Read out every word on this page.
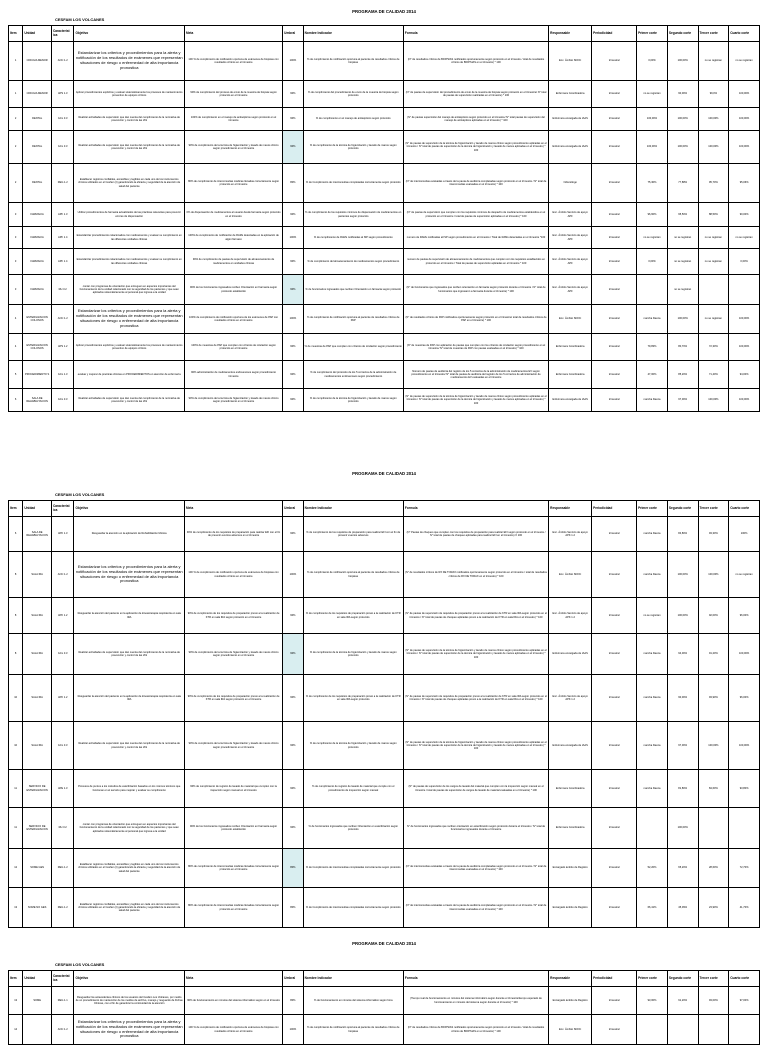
PROGRAMA DE CALIDAD 2014
CESFAM LOS VOLCANES
Item	Unidad	Caracterist ica	Objetivo	Meta	Umbral	Nombre Indicador	Formula	Responsable	Periodicidad	Primer corte	Segundo corte	Tercer corte	Cuarto corte
1	CIRUGIA MENOR	AOC 1.2	Estandarizar los criterios y procedimientos para la alerta y notificación de los resultados de exámenes que representan situaciones de riesgo o enfermedad de alta importancia pronostica	100 % de cumplimiento de notificación oportuna de exámenes de biopsias con resultados críticos en el trimestre	100%	% de cumplimiento de notificación oportuna al paciente de resultados críticos de biopsias	(N° de resultados críticos de BIOPSIAS notificados oportunamente según protocolo en el trimestre / total de resultados críticos de BIOPSIAS en el trimestre) * 100	Enc. Ámbito SDOC	trimestral	0,00%	100,00%	no se registran	no se registran
1	CIRUGIA MENOR	APS 1.3	Aplicar procedimientos explícitos y evaluar sistemáticamente los procesos de mantenimiento preventivo de equipos críticos	90% de cumplimiento del proceso de envío de la muestra de biopsia según protocolo en el trimestre	90%	% de cumplimiento del procedimiento de envío de la muestra de biopsia según protocolo	(N° de pautas de supervisión del procedimiento de envío de la muestra de biopsia según protocolo en el trimestre/ N° total de pautas de supervisión realizadas en el trimestre) * 100	Enfermera Coordinadora	trimestral	no se registran	90,00%	99,0%	100,00%
2	DENTAL	GCL 3.3	Realizar actividades de supervisión que dan cuenta del cumplimiento de la normativa de prevención y control de las IAS	100% de cumplimiento en el manejo de antisépticos según protocolo en el trimestre	90%	% de cumplimiento en el manejo de antisépticos según protocolo	(N° de pautas supervisión del manejo de antisépticos según protocolo en el trimestre/ N° total pautas de supervisión del manejo de antisépticos aplicadas en el trimestre) * 100	Enfermera encargada de IAAS	trimestral	100,00%	100,00%	100,00%	100,00%
2	DENTAL	GCL 3.3	Realizar actividades de supervisión que dan cuenta del cumplimiento de la normativa de prevención y control de las IAS	90% de cumplimiento de la técnica de higienización y lavado de manos clínico según procedimiento en el trimestre	90%	% de cumplimiento de la técnica de higienización y lavado de manos según protocolo	(N° de pautas de supervisión de la técnica de higienización y lavado de manos clínico según procedimiento aplicadas en el trimestre / N° total de pautas de supervisión de la técnica de higienización y lavado de manos aplicadas en el trimestre) * 100	Enfermera encargada de IAAS	trimestral	100,00%	100,00%	100,00%	100,00%
2	DENTAL	REG 1.2	Establecer registros confiables, accesibles y legibles en cada uno de los instrumentos clínicos utilizados en el Cesfam (I) garantizando la eficacia y seguridad de la atención de salud del paciente	80% de cumplimiento de interconsultas médicas llenadas correctamente según protocolo en el trimestre	80%	% de Cumplimiento de interconsultas completadas correctamente según protocolo	(N° de interconsultas evaluadas a través de la pauta de auditoría completadas según protocolo en el trimestre / N° total de interconsultas evaluadas en el trimestre) * 100	Odontólogo	trimestral	75,30%	77,88%	95,70%	95,06%
3	FARMACIA	APF 1.3	Utilizar procedimientos de farmacia actualizados de las prácticas relevantes para prevenir errores de dispensación	0% de dispensación de medicamentos al usuario desde farmacia según protocolo en el trimestre	90%	% de cumplimiento de los requisitos mínimos de dispensación de medicamentos en pacientes según protocolo	(N° de pautas de supervisión que cumplen con los requisitos mínimos de despacho de medicamentos establecidos en el protocolo en el trimestre / total de pautas de supervisión aplicadas en el trimestre) * 100	Enc. Ámbito Servicio de apoyo APF	trimestral	96,60%	95,50%	88,50%	90,00%
3	FARMACIA	APF 1.4	Estandarizar procedimientos relacionados con medicamentos y evaluar su cumplimiento en las diferentes unidades clínicas	100% de cumplimiento de notificación de RAMs detectadas en la aplicación de algún fármaco	100%	% de cumplimiento de RAMs notificadas al ISP según procedimiento	numero de RAMs notificadas al ISP según procedimiento en el trimestre / Total de RAMs detectadas en el trimestre *100	Enc. Ámbito Servicio de apoyo APF	trimestral	no se registran	no se registran	no se registran	no se registran
3	FARMACIA	APF 1.4	Estandarizar procedimientos relacionados con medicamentos y evaluar su cumplimiento en las diferentes unidades clínicas	90% de cumplimiento de pautas de supervisión de almacenamiento de medicamentos en unidades clínicas	90%	% de cumplimiento del almacenamiento de medicamentos según procedimiento	numero de pautas de supervisión de almacenamiento de medicamentos que cumplen con los requisitos establecidos en protocolo en el trimestre / Total de pautas de supervisión aplicadas en el trimestre * 100	Enc. Ámbito Servicio de apoyo APF	trimestral	0,00%	no se registran	no se registran	0,00%
3	FARMACIA	RH 3.2	contar con programas de orientación que entreguen en aspectos importantes del funcionamiento de la unidad relacionado con la seguridad de los pacientes y que sean aplicados sistemáticamente al personal que ingresa a la unidad	90% de los funcionarios ingresados reciben Orientación en Farmacia según protocolo establecido	90%	% de funcionarios ingresados que reciben Orientación en farmacia según protocolo	(N° de funcionarios que ingresados que reciben orientación en farmacia según protocolo durante el trimestre / N° total de funcionarios que ingresaron a farmacia durante el trimestre) * 100	Enc. Ámbito Servicio de apoyo APF	trimestral		no se registran		
4	ESTERILIZACION COLONOS	AOC 1.2	Estandarizar los criterios y procedimientos para la alerta y notificación de los resultados de exámenes que representan situaciones de riesgo o enfermedad de alta importancia pronostica	100% de cumplimiento de notificación oportuna de los exámenes de PAP con resultados críticos en el trimestre	100%	% de cumplimiento de notificación oportuna al paciente de resultados críticos de PAP	(N° de resultados críticos de PAP notificados oportunamente según protocolo en el trimestre/ total de resultados críticos de PAP en el trimestre) * 100	Enc. Ámbito SDOC	trimestral	marcha blanca	100,00%	no se registran	100,00%
4	ESTERILIZACION COLONOS	APS 1.2	Aplicar procedimientos explícitos y evaluar sistemáticamente los procesos de mantenimiento preventivo de equipos críticos	100% de muestras de PAP que cumplen con criterios de rotulación según protocolo en el trimestre	90%	% de muestras de PAP que cumplen con criterios de rotulación según procedimiento	(N° de muestras de PAP con aplicación de pautas que cumplen con los criterios de rotulación según procedimiento en el trimestre/ N° total de muestras de PAP con pautas evaluadas en el trimestre) * 100	Enfermera Coordinadora	trimestral	79,83%	80,70%	72,30%	100,00%
5	PROCEDIMIENTO S	GCL 1.3	evaluar y mejorar de practicas clínicas en PROCEDIMIENTOS en atención de enfermería	90% administración de medicamentos endovenosos según procedimiento trimestre	90%	% de cumplimiento del protocolo de los 5 correctos de la administración de medicamentos endovenosos según procedimiento	Número de pautas de auditoría del registro de los 5 correctos de la administración de medicamentos EV según procedimiento en el trimestre/ N° total de pautas de auditoría del registro de los 5 correctos de administración de medicamentos EV evaluadas en el trimestre	Enfermera Coordinadora	trimestral	47,00%	85,20%	71,40%	94,00%
6	SALA DE REHABILITACION	GCL 3.3	Realizar actividades de supervisión que dan cuenta del cumplimiento de la normativa de prevención y control de las IAS	90% de cumplimiento de la técnica de higienización y lavado de manos clínico según procedimiento en el trimestre	90%	% de cumplimiento de la técnica de higienización y lavado de manos según protocolo	(N° de pautas de supervisión de la técnica de higienización y lavado de manos clínico según procedimiento aplicadas en el trimestre / N° total de pautas de supervisión de la técnica de higienización y lavado de manos aplicadas en el trimestre) * 100	Enfermera encargada de IAAS	trimestral	marcha blanca	97,00%	100,00%	100,00%
PROGRAMA DE CALIDAD 2014
CESFAM LOS VOLCANES
Item	Unidad	Caracterist ica	Objetivo	Meta	Umbral	Nombre Indicador	Formula	Responsable	Periodicidad	Primer corte	Segundo corte	Tercer corte	Cuarto corte
6	SALA DE REHABILITACION	APK 1.3	Resguardar la atención en la aplicación de Rehabilitación Motora	90% de cumplimiento de los requisitos de preparación para realizar EFI con el fin de prevenir eventos adversos en el trimestre	90%	% de cumplimiento de los requisitos de preparación para realizar EFI con el fin de prevenir eventos adversos	(N° Pautas de chequeo que cumplen con los requisitos de preparación para realizar EFI según protocolo en el trimestre / N° total de pautas de chequeo aplicadas para realizar EFI en el trimestre) X 100	Enc. Ámbito Servicio de apoyo APK 1.2	trimestral	marcha blanca	84,80%	93,30%	100%
8	SALA IRA	AOC 1.2	Estandarizar los criterios y procedimientos para la alerta y notificación de los resultados de exámenes que representan situaciones de riesgo o enfermedad de alta importancia pronostica	100 % de cumplimiento de notificación oportuna de exámenes de biopsias con resultados críticos en el trimestre	100%	% de cumplimiento de notificación oportuna al paciente de resultados críticos de biopsias	(N° de resultados críticos de RX DE TORAX notificados oportunamente según protocolo en el trimestre / total de resultados críticos de RX DE TORAX en el trimestre) * 100	Enc. Ámbito SDOC	trimestral	marcha blanca	100,00%	100,00%	no se registran
8	SALA IRA	APK 1.2	Resguardar la atención del paciente en la aplicación de kinesioterapia respiratoria en sala IRA	90% de cumplimiento de los requisitos de preparación previo a la realización de KTR en sala IRA según protocolo en el trimestre	90%	% de cumplimiento de los requisitos de preparación previo a la realización de KTR en sala IRA según protocolo	(N° de pautas de supervisión de requisitos de preparación previo a la realización de KTR en sala IRA según protocolo en el trimestre / N° total de pautas de chequeo aplicadas previo a la realización de KTR en sala IRA en el trimestre) * 100	Enc. Ámbito Servicio de apoyo APK 1.2	trimestral	no se registran	100,00%	92,00%	96,00%
8	SALA IRA	GCL 3.3	Realizar actividades de supervisión que dan cuenta del cumplimiento de la normativa de prevención y control de las IAS	90% de cumplimiento de la técnica de higienización y lavado de manos clínico según procedimiento en el trimestre	90%	% de cumplimiento de la técnica de higienización y lavado de manos según protocolo	(N° de pautas de supervisión de la técnica de higienización y lavado de manos clínico según procedimiento aplicadas en el trimestre / N° total de pautas de supervisión de la técnica de higienización y lavado de manos aplicadas en el trimestre) * 100	Enfermera encargada de IAAS	trimestral	marcha blanca	94,00%	91,20%	100,00%
10	SALA IRA	APK 1.2	Resguardar la atención del paciente en la aplicación de kinesioterapia respiratoria en sala IRA	90% de cumplimiento de los requisitos de preparación previo a la realización de KTR en sala IRA según protocolo en el trimestre	90%	% de cumplimiento de los requisitos de preparación previo a la realización de KTR en sala IRA según protocolo	(N° de pautas de supervisión de requisitos de preparación previo a la realización de KTR en sala IRA según protocolo en el trimestre / N° total de pautas de chequeo aplicadas previo a la realización de KTR en sala IRA en el trimestre) * 100	Enc. Ámbito Servicio de apoyo APK 1.2	trimestral	marcha blanca	90,00%	93,90%	96,00%
10	SALA IRA	GCL 3.3	Realizar actividades de supervisión que dan cuenta del cumplimiento de la normativa de prevención y control de las IAS	90% de cumplimiento de la técnica de higienización y lavado de manos clínico según procedimiento en el trimestre	90%	% de cumplimiento de la técnica de higienización y lavado de manos según protocolo	(N° de pautas de supervisión de la técnica de higienización y lavado de manos clínico según procedimiento aplicadas en el trimestre / N° total de pautas de supervisión de la técnica de higienización y lavado de manos aplicadas en el trimestre) * 100	Enfermera encargada de IAAS	trimestral	marcha blanca	97,00%	100,00%	100,00%
11	SERVICIO DE ESTERILIZACION	APE 1.3	Procesos de puntos a los métodos de esterilización basados en los mismos técnicos que funcionan en el servicio para mejorar y evaluar su cumplimiento	90% de cumplimiento de registro de lavado de material que cumplen con la inspección según manual en el trimestre	90%	% de cumplimiento de registro de lavado de material que cumple con el procedimiento de inspección según manual	(N° de pautas de supervisión de los cargos de lavado del material que cumplen con la inspección según manual en el trimestre / total de pautas de supervisión de cargos de lavado de material evaluadas en el trimestre) * 100	Enfermera Coordinadora	trimestral	marcha blanca	81,80%	84,60%	93,80%
11	SERVICIO DE ESTERILIZACION	RH 3.2	contar con programas de orientación que entreguen en aspectos importantes del funcionamiento de la unidad relacionado con la seguridad de los pacientes y que sean aplicados sistemáticamente al personal que ingresa a la unidad	90% de los funcionarios ingresados reciben Orientación en Farmacia según protocolo establecido	90%	% de funcionarios ingresados que reciben Orientación en esterilización según protocolo	N° de funcionarios ingresados que reciben orientación en esterilización según protocolo durante el trimestre / N° total de funcionarios ingresados durante el trimestre	Enfermera Coordinadora	trimestral		100,00%		
12	SOME GES	REG 1.2	Establecer registros confiables, accesibles y legibles en cada uno de los instrumentos clínicos utilizados en el Cesfam (I) garantizando la eficacia y seguridad de la atención de salud del paciente	80% de cumplimiento de interconsultas médicas llenadas correctamente según protocolo en el trimestre	80%	% de Cumplimiento de interconsultas completadas correctamente según protocolo	(N° de interconsultas evaluadas a través de la pauta de auditoría completadas según protocolo en el trimestre / N° total de interconsultas evaluadas en el trimestre) * 100	Encargado ámbito de Registro	trimestral	52,20%	65,20%	28,60%	72,70%
13	SOME NO GES	REG 1.2	Establecer registros confiables, accesibles y legibles en cada uno de los instrumentos clínicos utilizados en el Cesfam (I) garantizando la eficacia y seguridad de la atención de salud del paciente	80% de cumplimiento de interconsultas médicas llenadas correctamente según protocolo en el trimestre	80%	% de Cumplimiento de interconsultas completadas correctamente según protocolo	(N° de interconsultas evaluadas a través de la pauta de auditoría completadas según protocolo en el trimestre / N° total de interconsultas evaluadas en el trimestre) * 100	Encargado ámbito de Registro	trimestral	66,41%	45,09%	23,90%	41,70%
PROGRAMA DE CALIDAD 2014
CESFAM LOS VOLCANES
Item	Unidad	Caracterist ica	Objetivo	Meta	Umbral	Nombre Indicador	Formula	Responsable	Periodicidad	Primer corte	Segundo corte	Tercer corte	Cuarto corte
13	SOME	REG 1.1	Resguardar los antecedentes clínicos de los usuarios del Cesfam Los Volcanes, por medio de un procedimiento de mantención de los medios de archivo, manejo y resguardo de Fichas Clínicas, con el fin de garantizar la continuidad de la atención	90% de funcionamiento en minutos del sistema informático según en el trimestre	80%	% de funcionamiento en minutos del sistema informático según hora	(Tiempo real de funcionamiento en minutos del sistema informático según durante el trimestre/tiempo esperado de funcionamiento en minutos del sistema según durante el trimestre) * 100	Encargado ámbito de Registro	trimestral	93,00%	91,20%	93,00%	97,00%
14		AOC 1.2	Estandarizar los criterios y procedimientos para la alerta y notificación de los resultados de exámenes que representan situaciones de riesgo o enfermedad de alta importancia pronostica	100 % de cumplimiento de notificación oportuna de exámenes de biopsias con resultados críticos en el trimestre	100%	% de cumplimiento de notificación oportuna al paciente de resultados críticos de biopsias	(N° de resultados críticos de BIOPSIAS notificados oportunamente según protocolo en el trimestre / total de resultados críticos de BIOPSIAS en el trimestre) * 100	Enc. Ámbito SDOC	trimestral				
